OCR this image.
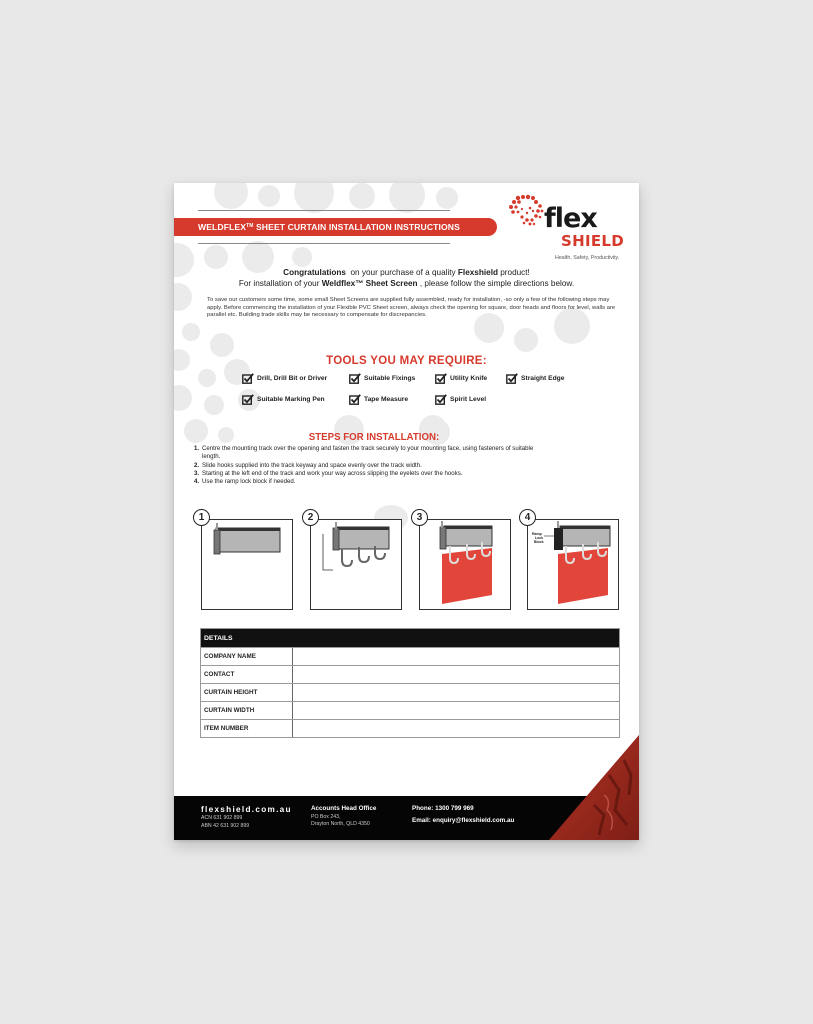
WELDFLEX™ SHEET CURTAIN INSTALLATION INSTRUCTIONS	flex
SHIELD
Health, Safety, Productivity.
Congratulations  on your purchase of a quality Flexshield product!
For installation of your Weldflex™ Sheet Screen , please follow the simple directions below.
To save our customers some time, some small Sheet Screens are supplied fully assembled, ready for installation, -so only a few of the following steps may apply. Before commencing the installation of your Flexible PVC Sheet screen, always check the opening for square, door heads and floors for level, walls are parallel etc. Building trade skills may be necessary to compensate for discrepancies.
TOOLS YOU MAY REQUIRE:
Drill, Drill Bit or Driver	Suitable Fixings	Utility Knife	Straight Edge
Suitable Marking Pen	Tape Measure	Spirit Level
STEPS FOR INSTALLATION:
1. Centre the mounting track over the opening and fasten the track securely to your mounting face, using fasteners of suitable length.
2. Slide hooks supplied into the track keyway and space evenly over the track width.
3. Starting at the left end of the track and work your way across slipping the eyelets over the hooks.
4. Use the ramp lock block if needed.
1	2	3	4
Ramp
Lock
Block
DETAILS
COMPANY NAME
CONTACT
CURTAIN HEIGHT
CURTAIN WIDTH
ITEM NUMBER
flexshield.com.au
ACN 631 902 899
ABN 42 631 902 899
Accounts Head Office
PO Box 243,
Drayton North, QLD 4350
Phone: 1300 799 969
Email: enquiry@flexshield.com.au
